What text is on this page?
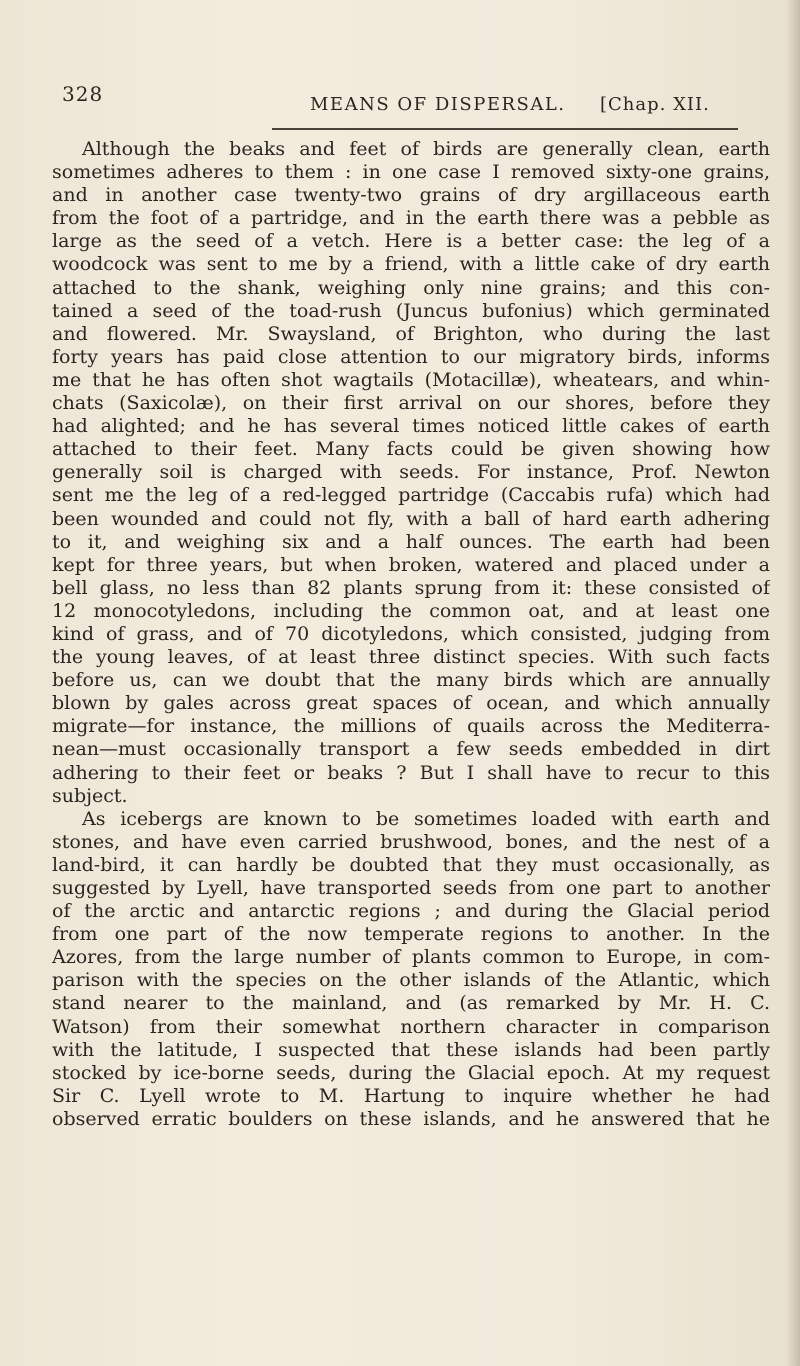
328	MEANS OF DISPERSAL. [Chap. XII.
Although the beaks and feet of birds are generally clean, earth
sometimes adheres to them : in one case I removed sixty-one grains,
and in another case twenty-two grains of dry argillaceous earth
from the foot of a partridge, and in the earth there was a pebble as
large as the seed of a vetch. Here is a better case: the leg of a
woodcock was sent to me by a friend, with a little cake of dry earth
attached to the shank, weighing only nine grains; and this con-
tained a seed of the toad-rush (Juncus bufonius) which germinated
and flowered. Mr. Swaysland, of Brighton, who during the last
forty years has paid close attention to our migratory birds, informs
me that he has often shot wagtails (Motacillæ), wheatears, and whin-
chats (Saxicolæ), on their first arrival on our shores, before they
had alighted; and he has several times noticed little cakes of earth
attached to their feet. Many facts could be given showing how
generally soil is charged with seeds. For instance, Prof. Newton
sent me the leg of a red-legged partridge (Caccabis rufa) which had
been wounded and could not fly, with a ball of hard earth adhering
to it, and weighing six and a half ounces. The earth had been
kept for three years, but when broken, watered and placed under a
bell glass, no less than 82 plants sprung from it: these consisted of
12 monocotyledons, including the common oat, and at least one
kind of grass, and of 70 dicotyledons, which consisted, judging from
the young leaves, of at least three distinct species. With such facts
before us, can we doubt that the many birds which are annually
blown by gales across great spaces of ocean, and which annually
migrate—for instance, the millions of quails across the Mediterra-
nean—must occasionally transport a few seeds embedded in dirt
adhering to their feet or beaks ? But I shall have to recur to this
subject.
As icebergs are known to be sometimes loaded with earth and
stones, and have even carried brushwood, bones, and the nest of a
land-bird, it can hardly be doubted that they must occasionally, as
suggested by Lyell, have transported seeds from one part to another
of the arctic and antarctic regions ; and during the Glacial period
from one part of the now temperate regions to another. In the
Azores, from the large number of plants common to Europe, in com-
parison with the species on the other islands of the Atlantic, which
stand nearer to the mainland, and (as remarked by Mr. H. C.
Watson) from their somewhat northern character in comparison
with the latitude, I suspected that these islands had been partly
stocked by ice-borne seeds, during the Glacial epoch. At my request
Sir C. Lyell wrote to M. Hartung to inquire whether he had
observed erratic boulders on these islands, and he answered that he
